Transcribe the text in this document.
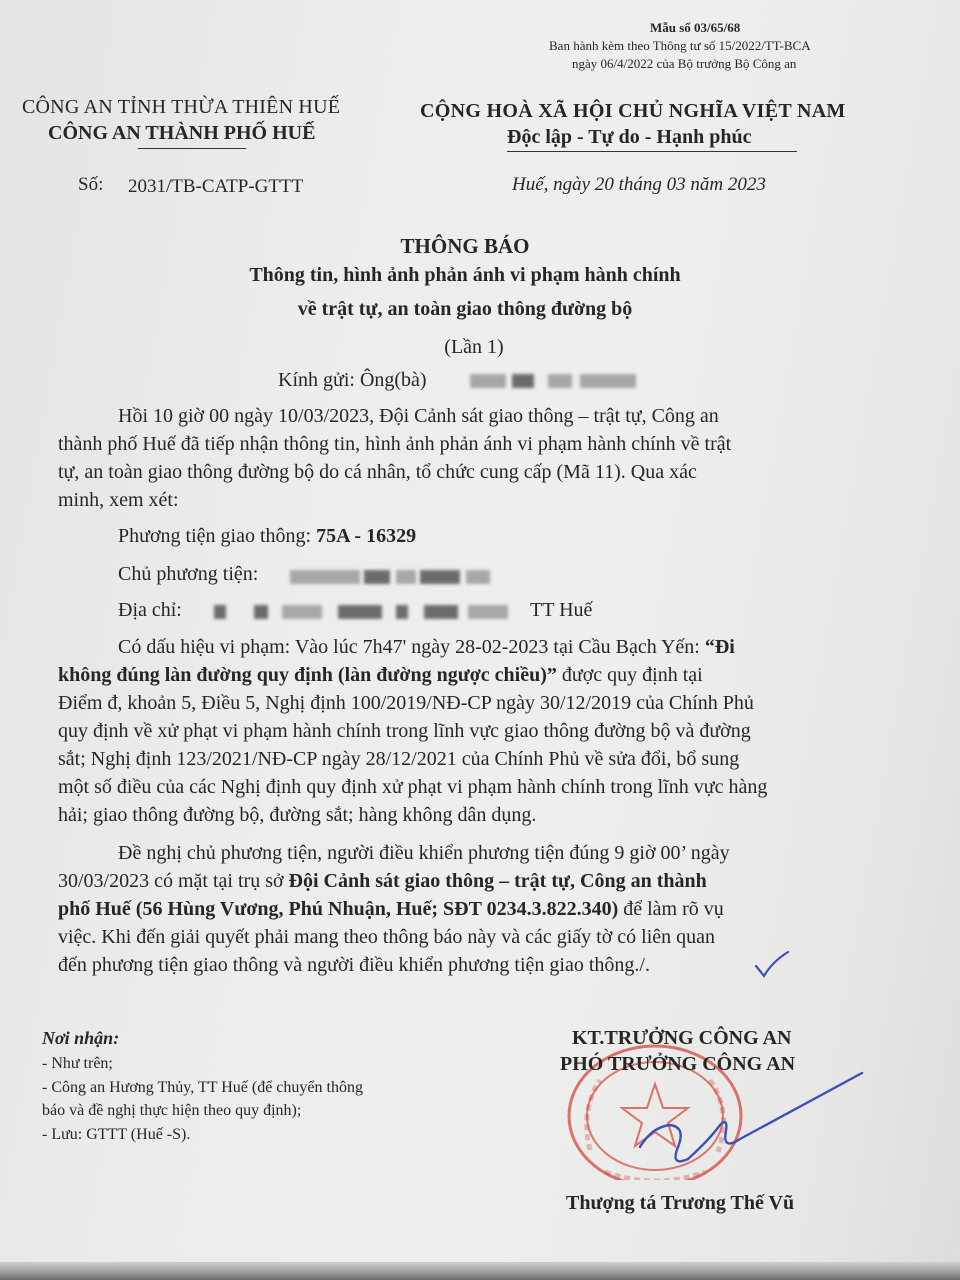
Mẫu số 03/65/68
Ban hành kèm theo Thông tư số 15/2022/TT-BCA
ngày 06/4/2022 của Bộ trưởng Bộ Công an
CÔNG AN TỈNH THỪA THIÊN HUẾ
CÔNG AN THÀNH PHỐ HUẾ
CỘNG HOÀ XÃ HỘI CHỦ NGHĨA VIỆT NAM
Độc lập - Tự do - Hạnh phúc
Số: 2031/TB-CATP-GTTT	Huế, ngày 20 tháng 03 năm 2023
THÔNG BÁO
Thông tin, hình ảnh phản ánh vi phạm hành chính
về trật tự, an toàn giao thông đường bộ
(Lần 1)
Kính gửi: Ông(bà)
Hồi 10 giờ 00 ngày 10/03/2023, Đội Cảnh sát giao thông – trật tự, Công an
thành phố Huế đã tiếp nhận thông tin, hình ảnh phản ánh vi phạm hành chính về trật
tự, an toàn giao thông đường bộ do cá nhân, tổ chức cung cấp (Mã 11). Qua xác
minh, xem xét:
Phương tiện giao thông: 75A - 16329
Chủ phương tiện:
Địa chỉ:	TT Huế
Có dấu hiệu vi phạm: Vào lúc 7h47' ngày 28-02-2023 tại Cầu Bạch Yến: “Đi
không đúng làn đường quy định (làn đường ngược chiều)” được quy định tại
Điểm đ, khoản 5, Điều 5, Nghị định 100/2019/NĐ-CP ngày 30/12/2019 của Chính Phủ
quy định về xử phạt vi phạm hành chính trong lĩnh vực giao thông đường bộ và đường
sắt; Nghị định 123/2021/NĐ-CP ngày 28/12/2021 của Chính Phủ về sửa đổi, bổ sung
một số điều của các Nghị định quy định xử phạt vi phạm hành chính trong lĩnh vực hàng
hải; giao thông đường bộ, đường sắt; hàng không dân dụng.
Đề nghị chủ phương tiện, người điều khiển phương tiện đúng 9 giờ 00’ ngày
30/03/2023 có mặt tại trụ sở Đội Cảnh sát giao thông – trật tự, Công an thành
phố Huế (56 Hùng Vương, Phú Nhuận, Huế; SĐT 0234.3.822.340) để làm rõ vụ
việc. Khi đến giải quyết phải mang theo thông báo này và các giấy tờ có liên quan
đến phương tiện giao thông và người điều khiển phương tiện giao thông./.
Nơi nhận:
- Như trên;
- Công an Hương Thủy, TT Huế (để chuyển thông
báo và đề nghị thực hiện theo quy định);
- Lưu: GTTT (Huế -S).
KT.TRƯỞNG CÔNG AN
PHÓ TRƯỞNG CÔNG AN
Thượng tá Trương Thế Vũ
